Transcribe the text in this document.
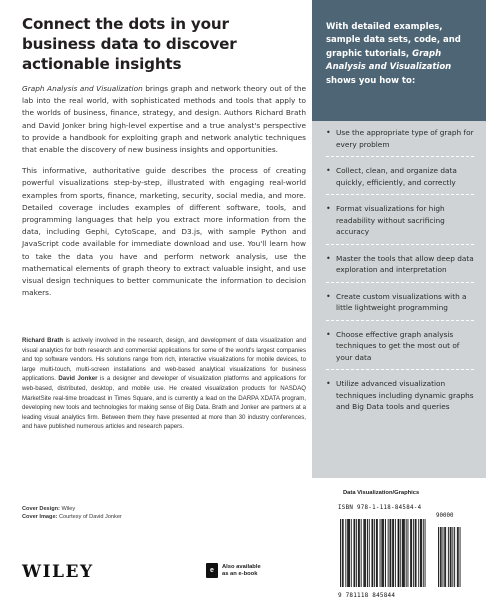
Connect the dots in your business data to discover actionable insights

Graph Analysis and Visualization brings graph and network theory out of the lab into the real world, with sophisticated methods and tools that apply to the worlds of business, finance, strategy, and design. Authors Richard Brath and David Jonker bring high-level expertise and a true analyst's perspective to provide a handbook for exploiting graph and network analytic techniques that enable the discovery of new business insights and opportunities.

This informative, authoritative guide describes the process of creating powerful visualizations step-by-step, illustrated with engaging real-world examples from sports, finance, marketing, security, social media, and more. Detailed coverage includes examples of different software, tools, and programming languages that help you extract more information from the data, including Gephi, CytoScape, and D3.js, with sample Python and JavaScript code available for immediate download and use. You'll learn how to take the data you have and perform network analysis, use the mathematical elements of graph theory to extract valuable insight, and use visual design techniques to better communicate the information to decision makers.

Richard Brath is actively involved in the research, design, and development of data visualization and visual analytics for both research and commercial applications for some of the world's largest companies and top software vendors. His solutions range from rich, interactive visualizations for mobile devices, to large multi-touch, multi-screen installations and web-based analytical visualizations for business applications. David Jonker is a designer and developer of visualization platforms and applications for web-based, distributed, desktop, and mobile use. He created visualization products for NASDAQ MarketSite real-time broadcast in Times Square, and is currently a lead on the DARPA XDATA program, developing new tools and technologies for making sense of Big Data. Brath and Jonker are partners at a leading visual analytics firm. Between them they have presented at more than 30 industry conferences, and have published numerous articles and research papers.

Cover Design: Wiley
Cover Image: Courtesy of David Jonker
WILEY	e
Also available
as an e-book

With detailed examples, sample data sets, code, and graphic tutorials, Graph Analysis and Visualization shows you how to:

• Use the appropriate type of graph for every problem
• Collect, clean, and organize data quickly, efficiently, and correctly
• Format visualizations for high readability without sacrificing accuracy
• Master the tools that allow deep data exploration and interpretation
• Create custom visualizations with a little lightweight programming
• Choose effective graph analysis techniques to get the most out of your data
• Utilize advanced visualization techniques including dynamic graphs and Big Data tools and queries
Data Visualization/Graphics
ISBN 978-1-118-84584-4
90000
9 781118 845844
